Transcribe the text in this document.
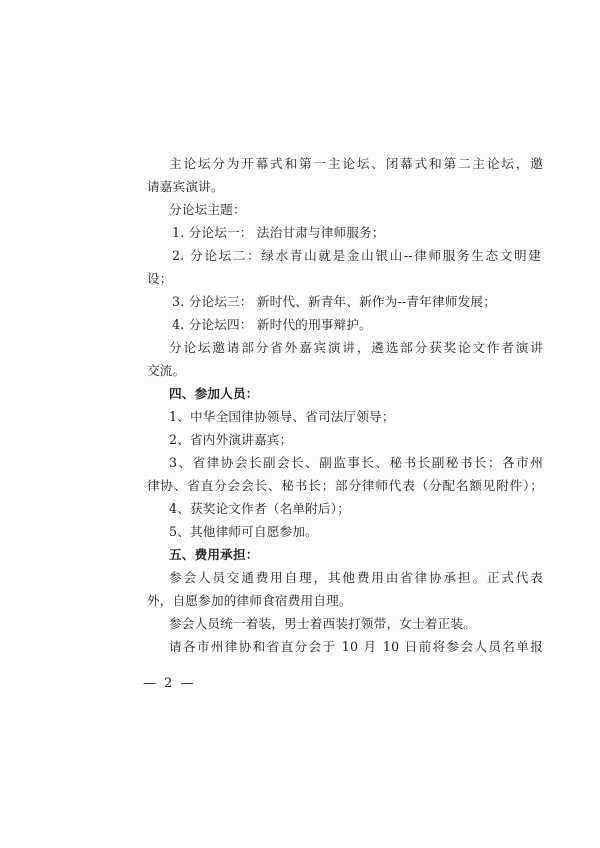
主论坛分为开幕式和第一主论坛、闭幕式和第二主论坛，邀
请嘉宾演讲。
分论坛主题：
1. 分论坛一： 法治甘肃与律师服务；
2. 分论坛二：绿水青山就是金山银山--律师服务生态文明建
设；
3. 分论坛三： 新时代、新青年、新作为--青年律师发展；
4. 分论坛四： 新时代的刑事辩护。
分论坛邀请部分省外嘉宾演讲，遴选部分获奖论文作者演讲
交流。
四、参加人员：
1、中华全国律协领导、省司法厅领导；
2、省内外演讲嘉宾；
3、省律协会长副会长、副监事长、秘书长副秘书长；各市州
律协、省直分会会长、秘书长；部分律师代表（分配名额见附件）；
4、获奖论文作者（名单附后）；
5、其他律师可自愿参加。
五、费用承担：
参会人员交通费用自理，其他费用由省律协承担。正式代表
外，自愿参加的律师食宿费用自理。
参会人员统一着装，男士着西装打领带，女士着正装。
请各市州律协和省直分会于 10 月 10 日前将参会人员名单报
— 2 —
